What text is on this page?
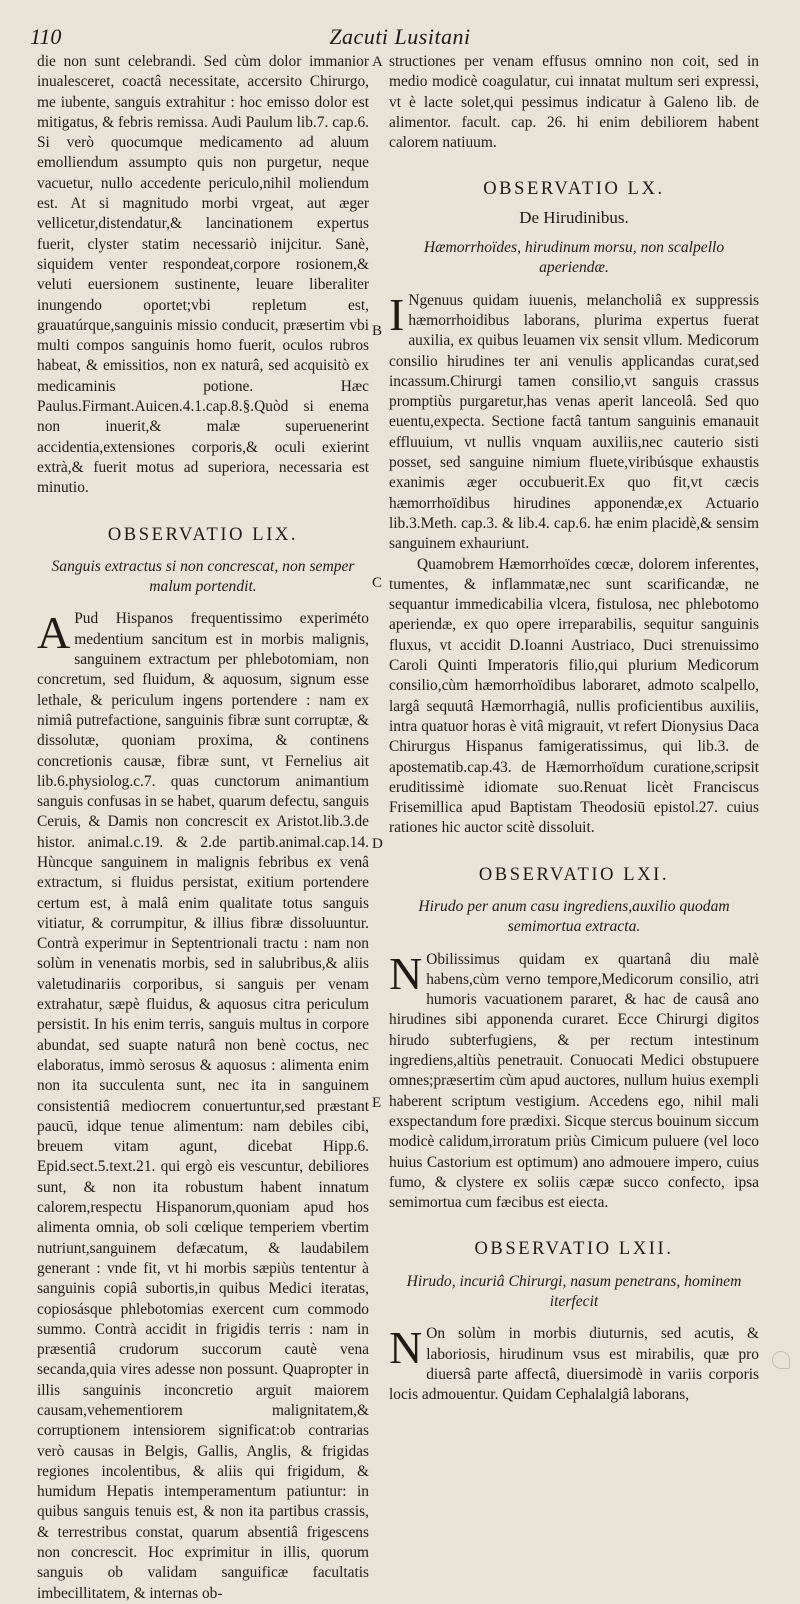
110	Zacuti Lusitani
A
B
C
D
E

die non sunt celebrandi. Sed cùm dolor immanior inualesceret, coactâ necessitate, accersito Chirurgo, me iubente, sanguis extrahitur : hoc emisso dolor est mitigatus, & febris remissa. Audi Paulum lib.7. cap.6. Si verò quocumque medicamento ad aluum emolliendum assumpto quis non purgetur, neque vacuetur, nullo accedente periculo,nihil moliendum est. At si magnitudo morbi vrgeat, aut æger vellicetur,distendatur,& lancinationem expertus fuerit, clyster statim necessariò inijcitur. Sanè, siquidem venter respondeat,corpore rosionem,& veluti euersionem sustinente, leuare liberaliter inungendo oportet;vbi repletum est, grauatúrque,sanguinis missio conducit, præsertim vbi multi compos sanguinis homo fuerit, oculos rubros habeat, & emissitios, non ex naturâ, sed acquisitò ex medicaminis potione. Hæc Paulus.Firmant.Auicen.4.1.cap.8.§.Quòd si enema non inuerit,& malæ superuenerint accidentia,extensiones corporis,& oculi exierint extrà,& fuerit motus ad superiora, necessaria est minutio.

OBSERVATIO LIX.
Sanguis extractus si non concrescat, non semper malum portendit.

A Pud Hispanos frequentissimo experiméto medentium sancitum est in morbis malignis, sanguinem extractum per phlebotomiam, non concretum, sed fluidum, & aquosum, signum esse lethale, & periculum ingens portendere : nam ex nimiâ putrefactione, sanguinis fibræ sunt corruptæ, & dissolutæ, quoniam proxima, & continens concretionis causæ, fibræ sunt, vt Fernelius ait lib.6.physiolog.c.7. quas cunctorum animantium sanguis confusas in se habet, quarum defectu, sanguis Ceruis, & Damis non concrescit ex Aristot.lib.3.de histor. animal.c.19. & 2.de partib.animal.cap.14. Hùncque sanguinem in malignis febribus ex venâ extractum, si fluidus persistat, exitium portendere certum est, à malâ enim qualitate totus sanguis vitiatur, & corrumpitur, & illius fibræ dissoluuntur. Contrà experimur in Septentrionali tractu : nam non solùm in venenatis morbis, sed in salubribus,& aliis valetudinariis corporibus, si sanguis per venam extrahatur, sæpè fluidus, & aquosus citra periculum persistit. In his enim terris, sanguis multus in corpore abundat, sed suapte naturâ non benè coctus, nec elaboratus, immò serosus & aquosus : alimenta enim non ita succulenta sunt, nec ita in sanguinem consistentiâ mediocrem conuertuntur,sed præstant paucū, idque tenue alimentum: nam debiles cibi, breuem vitam agunt, dicebat Hipp.6. Epid.sect.5.text.21. qui ergò eis vescuntur, debiliores sunt, & non ita robustum habent innatum calorem,respectu Hispanorum,quoniam apud hos alimenta omnia, ob soli cœlique temperiem vbertim nutriunt,sanguinem defæcatum, & laudabilem generant : vnde fit, vt hi morbis sæpiùs tententur à sanguinis copiâ subortis,in quibus Medici iteratas, copiosásque phlebotomias exercent cum commodo summo. Contrà accidit in frigidis terris : nam in præsentiâ crudorum succorum cautè vena secanda,quia vires adesse non possunt. Quapropter in illis sanguinis inconcretio arguit maiorem causam,vehementiorem malignitatem,& corruptionem intensiorem significat:ob contrarias verò causas in Belgis, Gallis, Anglis, & frigidas regiones incolentibus, & aliis qui frigidum, & humidum Hepatis intemperamentum patiuntur: in quibus sanguis tenuis est, & non ita partibus crassis, & terrestribus constat, quarum absentiâ frigescens non concrescit. Hoc exprimitur in illis, quorum sanguis ob validam sanguificæ facultatis imbecillitatem, & internas ob-

structiones per venam effusus omnino non coit, sed in medio modicè coagulatur, cui innatat multum seri expressi, vt è lacte solet,qui pessimus indicatur à Galeno lib. de alimentor. facult. cap. 26. hi enim debiliorem habent calorem natiuum.

OBSERVATIO LX.
De Hirudinibus.
Hæmorrhoïdes, hirudinum morsu, non scalpello aperiendæ.

I Ngenuus quidam iuuenis, melancholiâ ex suppressis hæmorrhoidibus laborans, plurima expertus fuerat auxilia, ex quibus leuamen vix sensit vllum. Medicorum consilio hirudines ter ani venulis applicandas curat,sed incassum.Chirurgi tamen consilio,vt sanguis crassus promptiùs purgaretur,has venas aperit lanceolâ. Sed quo euentu,expecta. Sectione factâ tantum sanguinis emanauit effluuium, vt nullis vnquam auxiliis,nec cauterio sisti posset, sed sanguine nimium fluete,viribúsque exhaustis exanimis æger occubuerit.Ex quo fit,vt cæcis hæmorrhoïdibus hirudines apponendæ,ex Actuario lib.3.Meth. cap.3. & lib.4. cap.6. hæ enim placidè,& sensim sanguinem exhauriunt.

Quamobrem Hæmorrhoïdes cœcæ, dolorem inferentes, tumentes, & inflammatæ,nec sunt scarificandæ, ne sequantur immedicabilia vlcera, fistulosa, nec phlebotomo aperiendæ, ex quo opere irreparabilis, sequitur sanguinis fluxus, vt accidit D.Ioanni Austriaco, Duci strenuissimo Caroli Quinti Imperatoris filio,qui plurium Medicorum consilio,cùm hæmorrhoïdibus laboraret, admoto scalpello, largâ sequutâ Hæmorrhagiâ, nullis proficientibus auxiliis, intra quatuor horas è vitâ migrauit, vt refert Dionysius Daca Chirurgus Hispanus famigeratissimus, qui lib.3. de apostematib.cap.43. de Hæmorrhoïdum curatione,scripsit eruditissimè idiomate suo.Renuat licèt Franciscus Frisemillica apud Baptistam Theodosiū epistol.27. cuius rationes hic auctor scitè dissoluit.

OBSERVATIO LXI.
Hirudo per anum casu ingrediens,auxilio quodam semimortua extracta.

N Obilissimus quidam ex quartanâ diu malè habens,cùm verno tempore,Medicorum consilio, atri humoris vacuationem pararet, & hac de causâ ano hirudines sibi apponenda curaret. Ecce Chirurgi digitos hirudo subterfugiens, & per rectum intestinum ingrediens,altiùs penetrauit. Conuocati Medici obstupuere omnes;præsertim cùm apud auctores, nullum huius exempli haberent scriptum vestigium. Accedens ego, nihil mali exspectandum fore prædixi. Sicque stercus bouinum siccum modicè calidum,irroratum priùs Cimicum puluere (vel loco huius Castorium est optimum) ano admouere impero, cuius fumo, & clystere ex soliis cæpæ succo confecto, ipsa semimortua cum fæcibus est eiecta.

OBSERVATIO LXII.
Hirudo, incuriâ Chirurgi, nasum penetrans, hominem iterfecit

N On solùm in morbis diuturnis, sed acutis, & laboriosis, hirudinum vsus est mirabilis, quæ pro diuersâ parte affectâ, diuersimodè in variis corporis locis admouentur. Quidam Cephalalgiâ laborans,
